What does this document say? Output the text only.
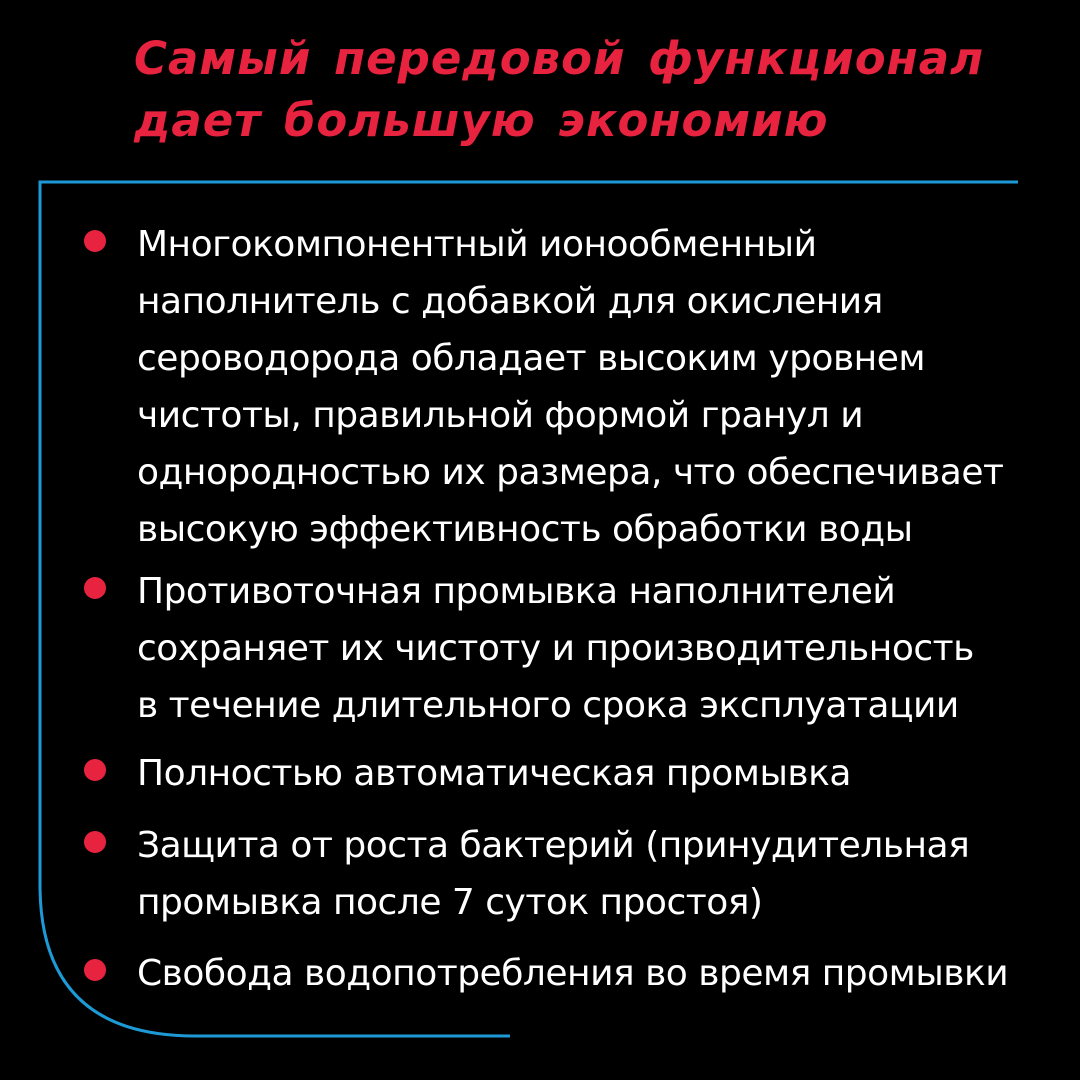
Самый передовой функционал
дает большую экономию
Многокомпонентный ионообменный
наполнитель с добавкой для окисления
сероводорода обладает высоким уровнем
чистоты, правильной формой гранул и
однородностью их размера, что обеспечивает
высокую эффективность обработки воды
Противоточная промывка наполнителей
сохраняет их чистоту и производительность
в течение длительного срока эксплуатации
Полностью автоматическая промывка
Защита от роста бактерий (принудительная
промывка после 7 суток простоя)
Свобода водопотребления во время промывки
